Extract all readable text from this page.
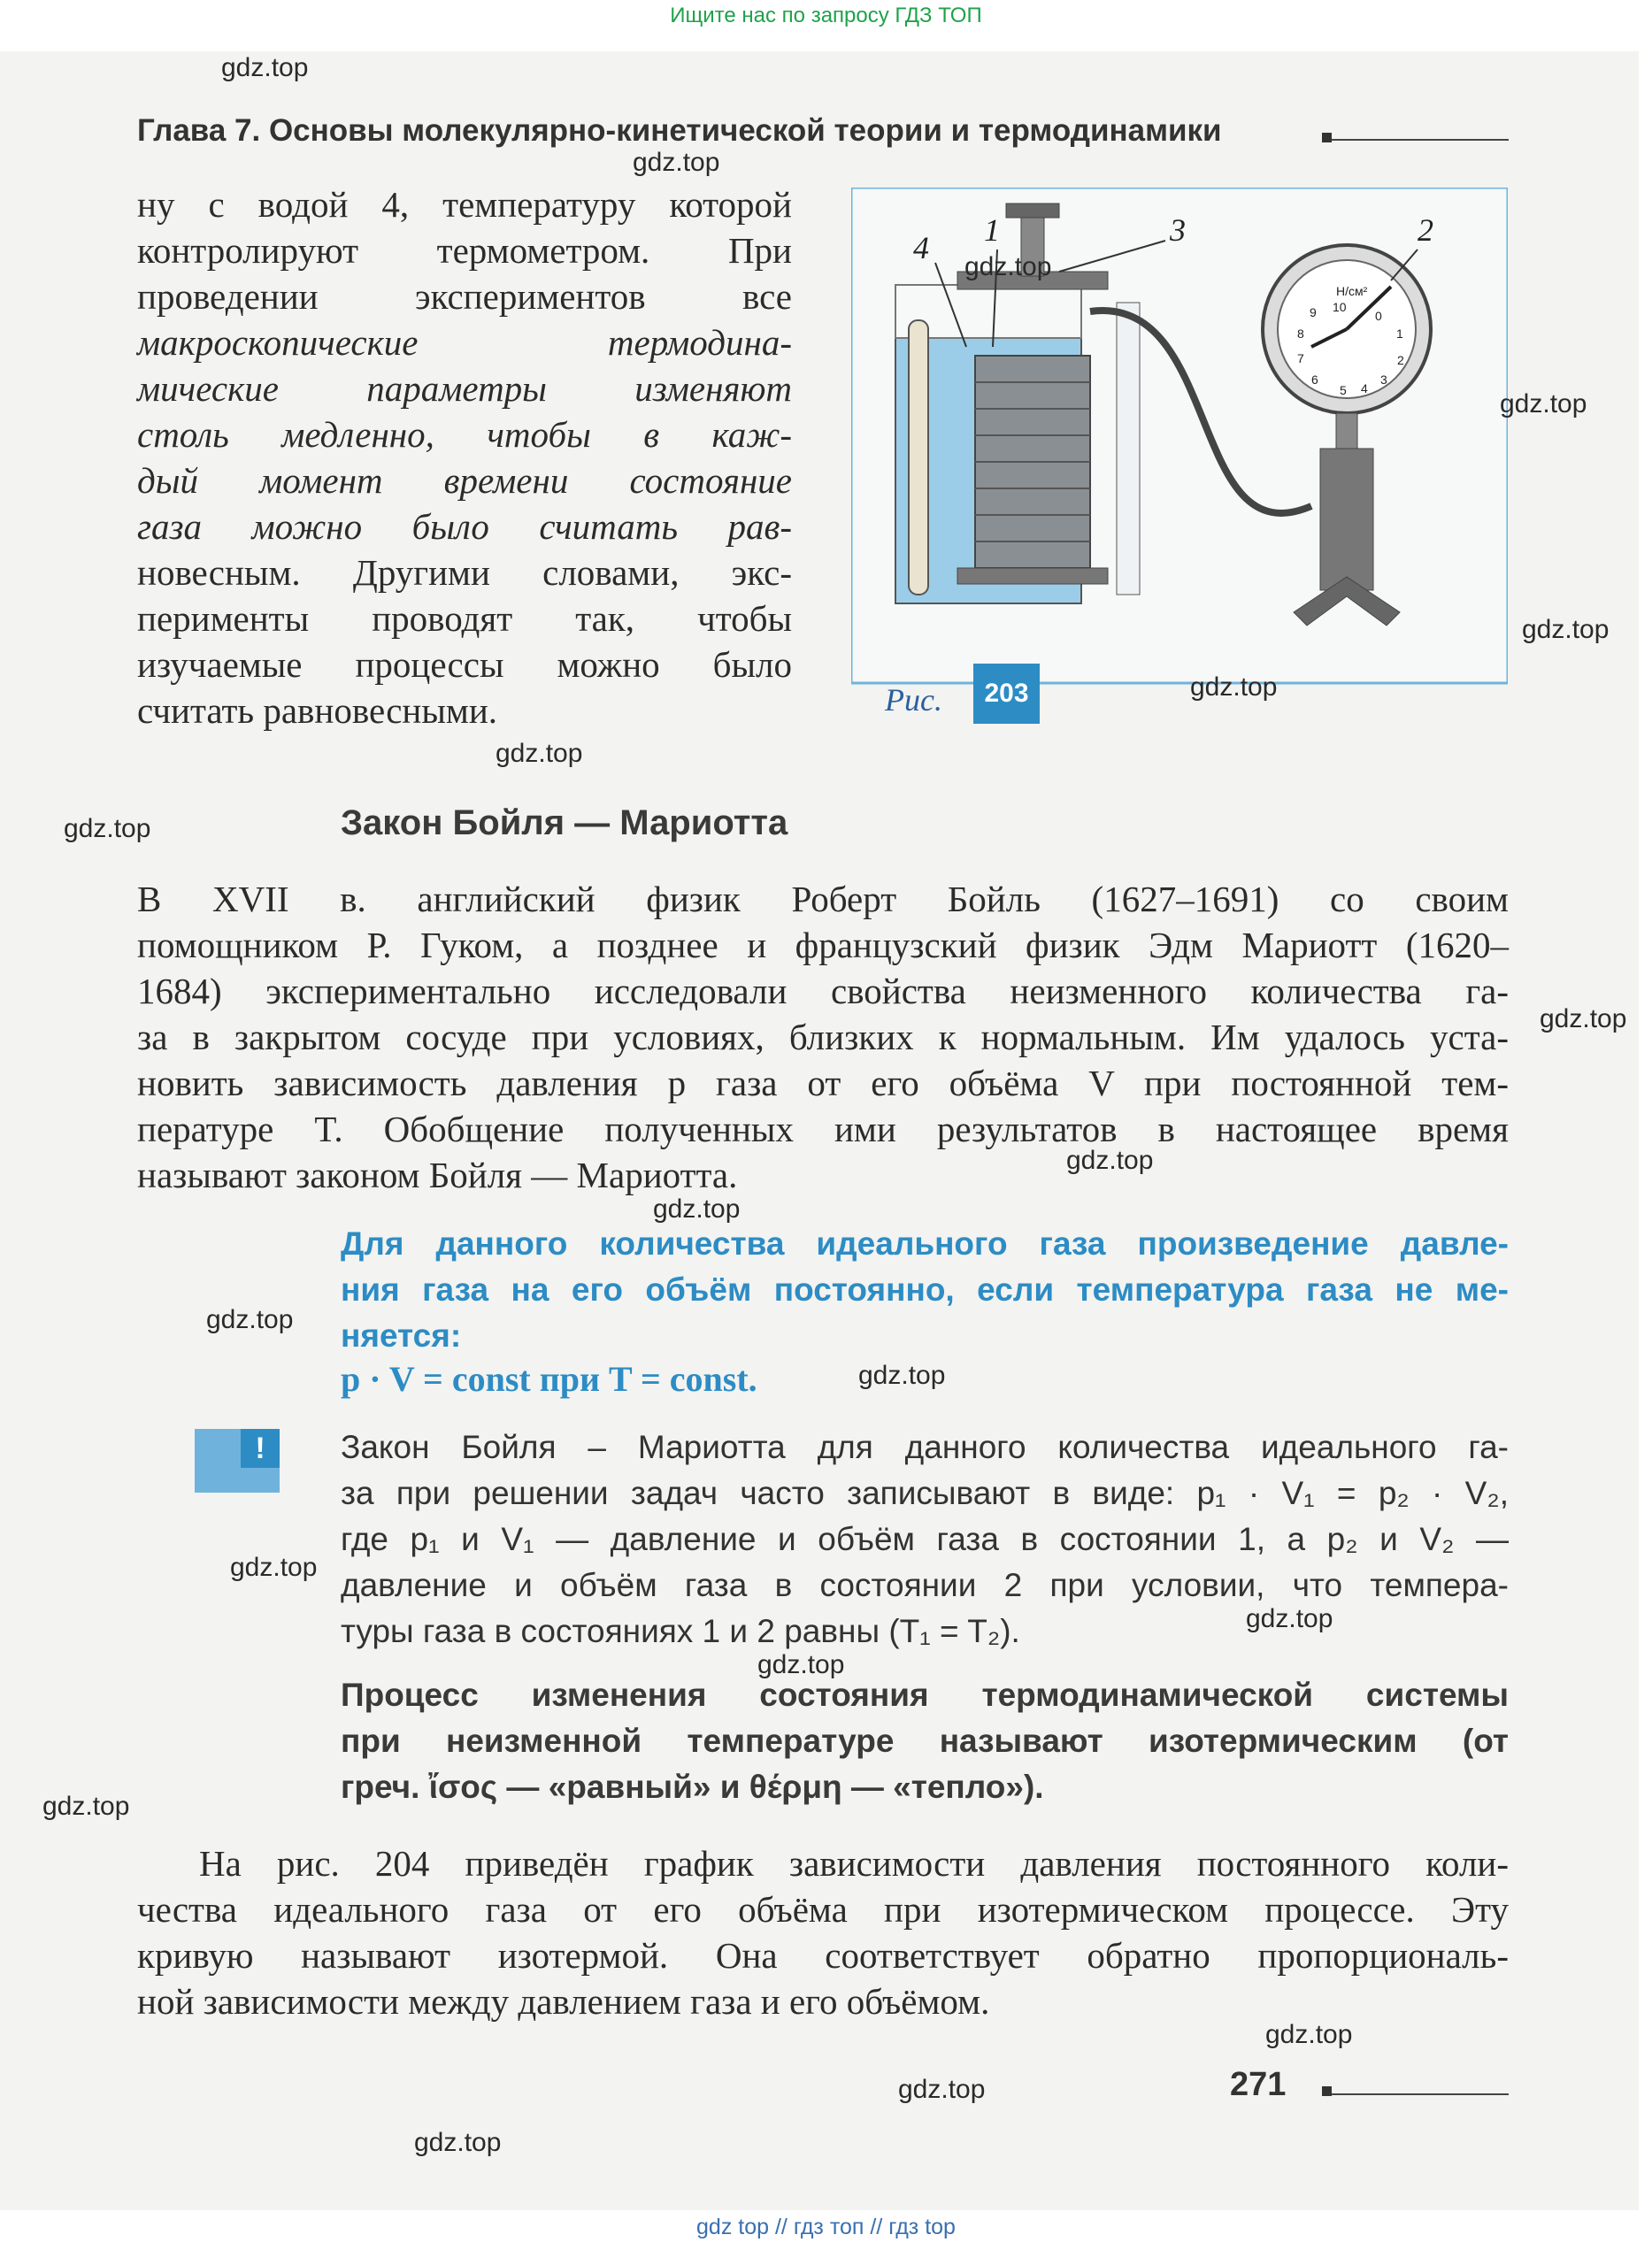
Ищите нас по запросу ГДЗ ТОП
Глава 7. Основы молекулярно-кинетической теории и термодинамики
ну с водой 4, температуру которой
контролируют термометром. При
проведении экспериментов все
макроскопические термодина-
мические параметры изменяют
столь медленно, чтобы в каж-
дый момент времени состояние
газа можно было считать рав-
новесным. Другими словами, экс-
перименты проводят так, чтобы
изучаемые процессы можно было
считать равновесными.
Н/см²
10
0
1
2
3
4
5
6
7
8
9
4 1	3	2
Рис.	203
Закон Бойля — Мариотта
В XVII в. английский физик Роберт Бойль (1627–1691) со своим
помощником Р. Гуком, а позднее и французский физик Эдм Мариотт (1620–
1684) экспериментально исследовали свойства неизменного количества га-
за в закрытом сосуде при условиях, близких к нормальным. Им удалось уста-
новить зависимость давления p газа от его объёма V при постоянной тем-
пературе T. Обобщение полученных ими результатов в настоящее время
называют законом Бойля — Мариотта.
Для данного количества идеального газа произведение давле-
ния газа на его объём постоянно, если температура газа не ме-
няется:
p · V = const при T = const.
!	Закон Бойля – Мариотта для данного количества идеального га-
за при решении задач часто записывают в виде: p₁ · V₁ = p₂ · V₂,
где p₁ и V₁ — давление и объём газа в состоянии 1, а p₂ и V₂ —
давление и объём газа в состоянии 2 при условии, что темпера-
туры газа в состояниях 1 и 2 равны (T₁ = T₂).
Процесс изменения состояния термодинамической системы
при неизменной температуре называют изотермическим (от
греч. ἴσος — «равный» и θέρμη — «тепло»).
На рис. 204 приведён график зависимости давления постоянного коли-
чества идеального газа от его объёма при изотермическом процессе. Эту
кривую называют изотермой. Она соответствует обратно пропорциональ-
ной зависимости между давлением газа и его объёмом.
271
gdz.top
gdz.top
gdz.top
gdz.top
gdz.top
gdz.top
gdz.top
gdz.top
gdz.top
gdz.top
gdz.top
gdz.top
gdz.top
gdz.top
gdz.top
gdz.top
gdz.top
gdz.top
gdz.top
gdz.top
gdz top // гдз топ // гдз top
